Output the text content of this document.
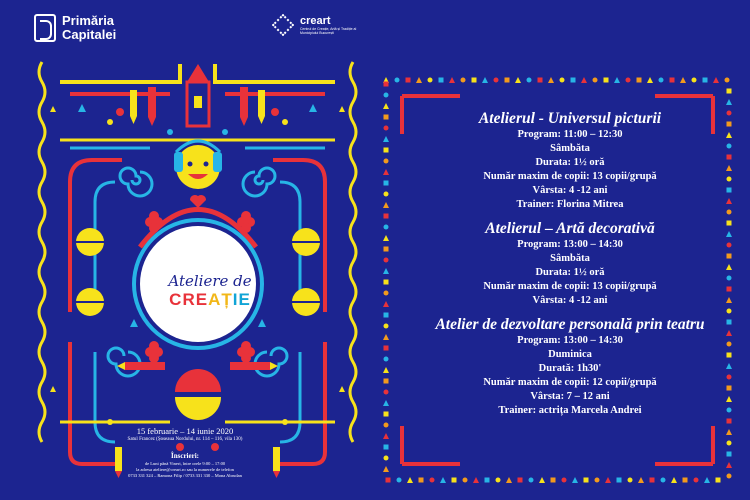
Primăria
Capitalei
creart
Centrul de Creație, Artă și Tradiție al Municipiului București
Ateliere de
CREAȚIE
15 februarie – 14 iunie 2020
Satul Francez (Șoseaua Nordului, nr. 114 – 116, vila 130)
Înscrieri:
de Luni până Vineri, între orele 9:00 – 17:00
la adresa ateliere@creart.ro sau la numerele de telefon
0733 331 324 – Ramona Filip / 0733 331 330 – Mona Abrudan
Atelierul - Universul picturii
Program: 11:00 – 12:30
Sâmbăta
Durata: 1½ oră
Număr maxim de copii: 13 copii/grupă
Vârsta: 4 -12 ani
Trainer: Florina Mitrea
Atelierul – Artă decorativă
Program: 13:00 – 14:30
Sâmbăta
Durata: 1½ oră
Număr maxim de copii: 13 copii/grupă
Vârsta: 4 -12 ani
Atelier de dezvoltare personală prin teatru
Program: 13:00 – 14:30
Duminica
Durată: 1h30'
Număr maxim de copii: 12 copii/grupă
Vârsta: 7 – 12 ani
Trainer: actrița Marcela Andrei
